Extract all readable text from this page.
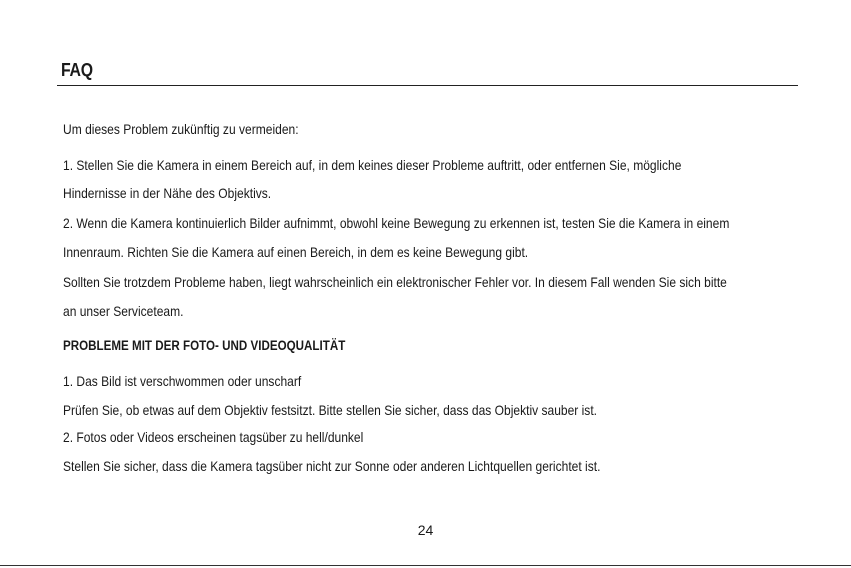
FAQ
Um dieses Problem zukünftig zu vermeiden:
1. Stellen Sie die Kamera in einem Bereich auf, in dem keines dieser Probleme auftritt, oder entfernen Sie, mögliche
Hindernisse in der Nähe des Objektivs.
2. Wenn die Kamera kontinuierlich Bilder aufnimmt, obwohl keine Bewegung zu erkennen ist, testen Sie die Kamera in einem
Innenraum. Richten Sie die Kamera auf einen Bereich, in dem es keine Bewegung gibt.
Sollten Sie trotzdem Probleme haben, liegt wahrscheinlich ein elektronischer Fehler vor. In diesem Fall wenden Sie sich bitte
an unser Serviceteam.
PROBLEME MIT DER FOTO- UND VIDEOQUALITÄT
1. Das Bild ist verschwommen oder unscharf
Prüfen Sie, ob etwas auf dem Objektiv festsitzt. Bitte stellen Sie sicher, dass das Objektiv sauber ist.
2. Fotos oder Videos erscheinen tagsüber zu hell/dunkel
Stellen Sie sicher, dass die Kamera tagsüber nicht zur Sonne oder anderen Lichtquellen gerichtet ist.
24
